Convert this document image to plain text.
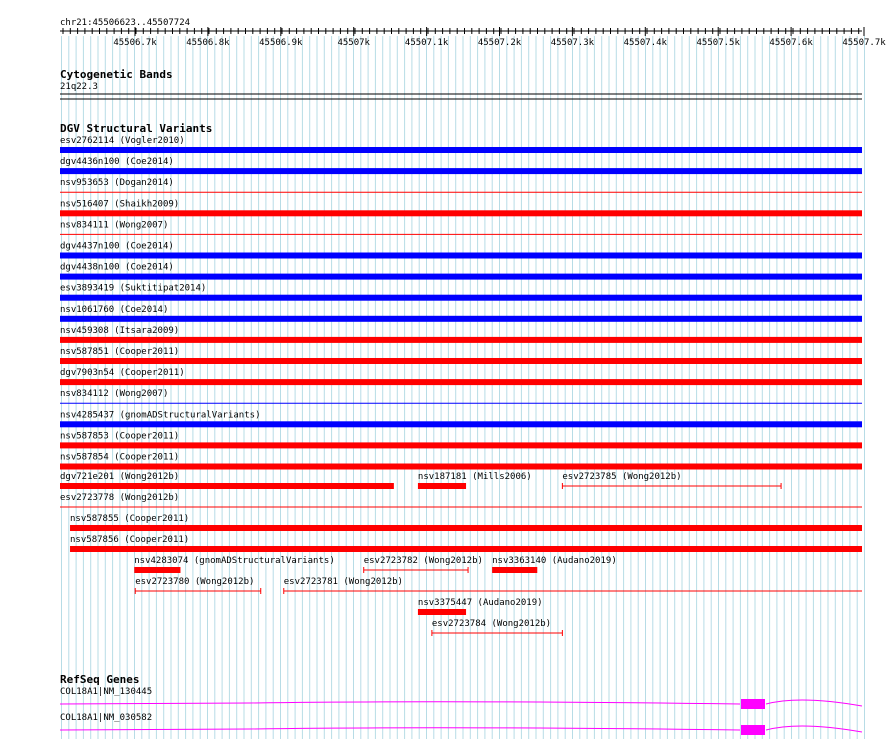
chr21:45506623..45507724
45506.7k	45506.8k	45506.9k	45507k	45507.1k	45507.2k	45507.3k	45507.4k	45507.5k	45507.6k	45507.7k
Cytogenetic Bands
21q22.3
DGV Structural Variants
esv2762114 (Vogler2010)
dgv4436n100 (Coe2014)
nsv953653 (Dogan2014)
nsv516407 (Shaikh2009)
nsv834111 (Wong2007)
dgv4437n100 (Coe2014)
dgv4438n100 (Coe2014)
esv3893419 (Suktitipat2014)
nsv1061760 (Coe2014)
nsv459308 (Itsara2009)
nsv587851 (Cooper2011)
dgv7903n54 (Cooper2011)
nsv834112 (Wong2007)
nsv4285437 (gnomADStructuralVariants)
nsv587853 (Cooper2011)
nsv587854 (Cooper2011)
dgv721e201 (Wong2012b)	nsv187181 (Mills2006)	esv2723785 (Wong2012b)
esv2723778 (Wong2012b)
nsv587855 (Cooper2011)
nsv587856 (Cooper2011)
nsv4283074 (gnomADStructuralVariants)	esv2723782 (Wong2012b) nsv3363140 (Audano2019)
esv2723780 (Wong2012b)	esv2723781 (Wong2012b)
nsv3375447 (Audano2019)
esv2723784 (Wong2012b)
RefSeq Genes
COL18A1|NM_130445
COL18A1|NM_030582
